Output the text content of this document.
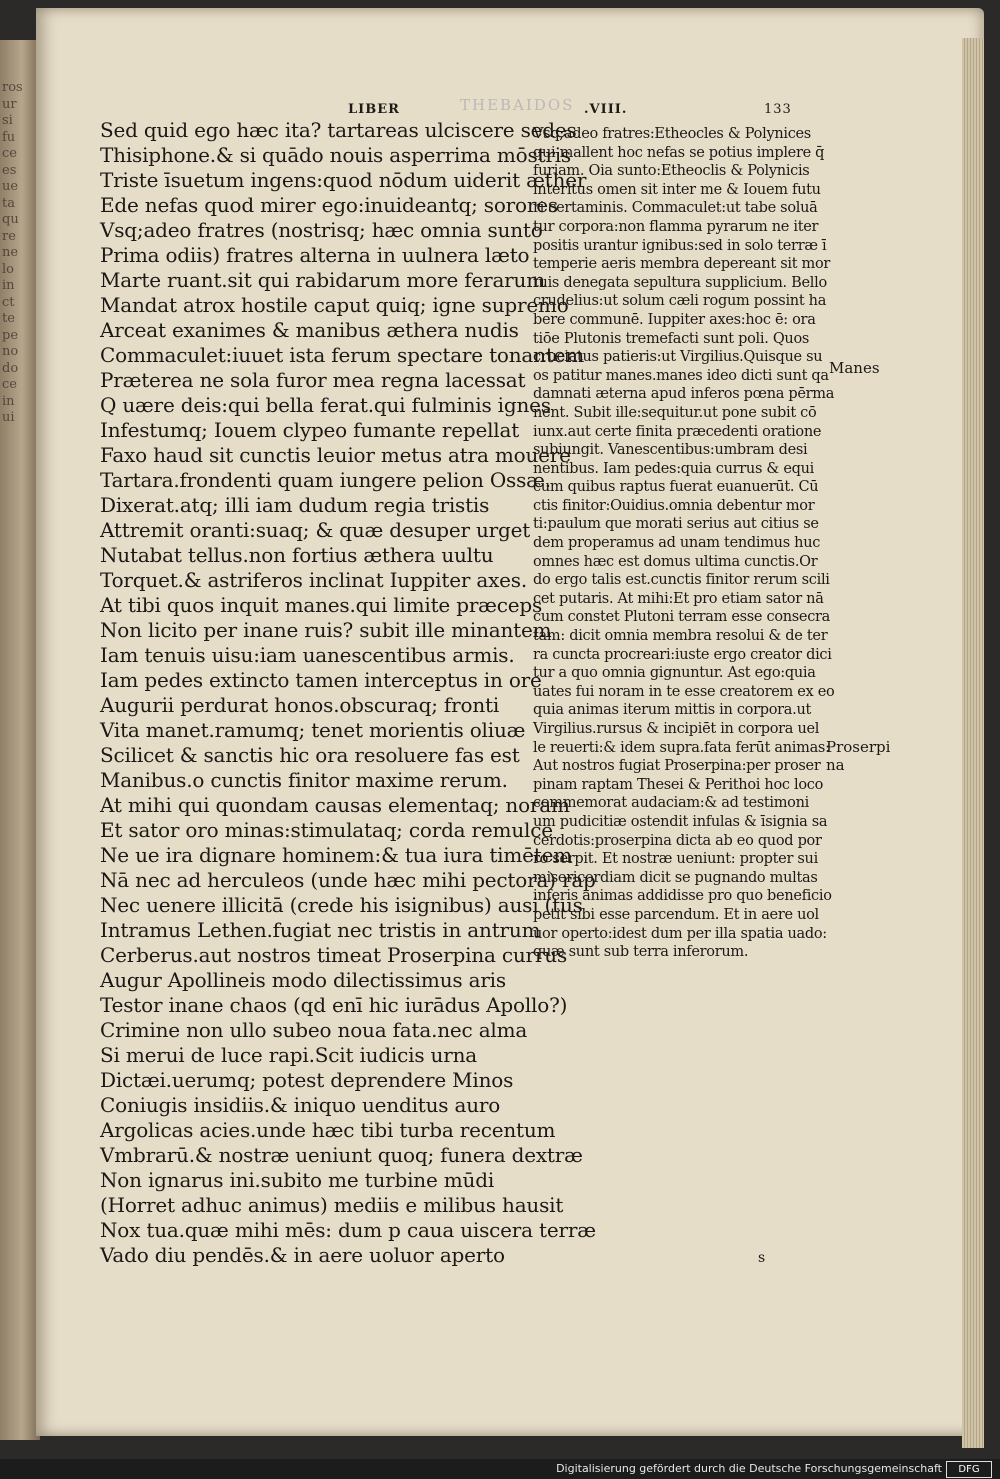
ros
ur
si
fu
ce
es
ue
ta
qu
re
ne
lo
in
ct
te
pe
no
do
ce
in
ui
THEBAIDOS
LIBER	.VIII.	133
Sed quid ego hæc ita? tartareas ulciscere sedes
Thisiphone.& si quādo nouis asperrima mōstris
Triste īsuetum ingens:quod nōdum uiderit æther
Ede nefas quod mirer ego:inuideantq; sorores
Vsq;adeo fratres (nostrisq; hæc omnia sunto
Prima odiis) fratres alterna in uulnera læto
Marte ruant.sit qui rabidarum more ferarum
Mandat atrox hostile caput quiq; igne supremo
Arceat exanimes & manibus æthera nudis
Commaculet:iuuet ista ferum spectare tonantem
Præterea ne sola furor mea regna lacessat
Q uære deis:qui bella ferat.qui fulminis ignes
Infestumq; Iouem clypeo fumante repellat
Faxo haud sit cunctis leuior metus atra mouere
Tartara.frondenti quam iungere pelion Ossæ.
Dixerat.atq; illi iam dudum regia tristis
Attremit oranti:suaq; & quæ desuper urget
Nutabat tellus.non fortius æthera uultu
Torquet.& astriferos inclinat Iuppiter axes.
At tibi quos inquit manes.qui limite præceps
Non licito per inane ruis? subit ille minantem
Iam tenuis uisu:iam uanescentibus armis.
Iam pedes extincto tamen interceptus in ore
Augurii perdurat honos.obscuraq; fronti
Vita manet.ramumq; tenet morientis oliuæ
Scilicet & sanctis hic ora resoluere fas est
Manibus.o cunctis finitor maxime rerum.
At mihi qui quondam causas elementaq; noram
Et sator oro minas:stimulataq; corda remulce
Ne ue ira dignare hominem:& tua iura timētem
Nā nec ad herculeos (unde hæc mihi pectora) rap
Nec uenere illicitā (crede his isignibus) ausi (tus
Intramus Lethen.fugiat nec tristis in antrum
Cerberus.aut nostros timeat Proserpina currus
Augur Apollineis modo dilectissimus aris
Testor inane chaos (qd enī hic iurādus Apollo?)
Crimine non ullo subeo noua fata.nec alma
Si merui de luce rapi.Scit iudicis urna
Dictæi.uerumq; potest deprendere Minos
Coniugis insidiis.& iniquo uenditus auro
Argolicas acies.unde hæc tibi turba recentum
Vmbrarū.& nostræ ueniunt quoq; funera dextræ
Non ignarus ini.subito me turbine mūdi
(Horret adhuc animus) mediis e milibus hausit
Nox tua.quæ mihi mēs: dum p caua uiscera terræ
Vado diu pendēs.& in aere uoluor aperto
Vsq;adeo fratres:Etheocles & Polynices
qui mallent hoc nefas se potius implere q̄
furiam. Oia sunto:Etheoclis & Polynicis
interitus omen sit inter me & Iouem futu
ri certaminis. Commaculet:ut tabe soluā
tur corpora:non flamma pyrarum ne iter
positis urantur ignibus:sed in solo terræ ī
temperie aeris membra depereant sit mor
tuis denegata sepultura supplicium. Bello
crudelius:ut solum cæli rogum possint ha
bere communē. Iuppiter axes:hoc ē: ora
tiōe Plutonis tremefacti sunt poli. Quos
cruciatus patieris:ut Virgilius.Quisque su
os patitur manes.manes ideo dicti sunt qa
damnati æterna apud inferos pœna pērma
nent. Subit ille:sequitur.ut pone subit cō
iunx.aut certe finita præcedenti oratione
subiungit. Vanescentibus:umbram desi
nentibus. Iam pedes:quia currus & equi
cum quibus raptus fuerat euanuerūt. Cū
ctis finitor:Ouidius.omnia debentur mor
ti:paulum que morati serius aut citius se
dem properamus ad unam tendimus huc
omnes hæc est domus ultima cunctis.Or
do ergo talis est.cunctis finitor rerum scili
cet putaris. At mihi:Et pro etiam sator nā
cum constet Plutoni terram esse consecra
tam: dicit omnia membra resolui & de ter
ra cuncta procreari:iuste ergo creator dici
tur a quo omnia gignuntur. Ast ego:quia
uates fui noram in te esse creatorem ex eo
quia animas iterum mittis in corpora.ut
Virgilius.rursus & incipiēt in corpora uel
le reuerti:& idem supra.fata ferūt animas:
Aut nostros fugiat Proserpina:per proser
pinam raptam Thesei & Perithoi hoc loco
commemorat audaciam:& ad testimoni
um pudicitiæ ostendit infulas & īsignia sa
cerdotis:proserpina dicta ab eo quod por
ro serpit. Et nostræ ueniunt: propter sui
misericordiam dicit se pugnando multas
inferis animas addidisse pro quo beneficio
petit sibi esse parcendum. Et in aere uol
uor operto:idest dum per illa spatia uado:
quæ sunt sub terra inferorum.
Manes
Proserpi na
s
Digitalisierung gefördert durch die Deutsche Forschungsgemeinschaft	DFG
